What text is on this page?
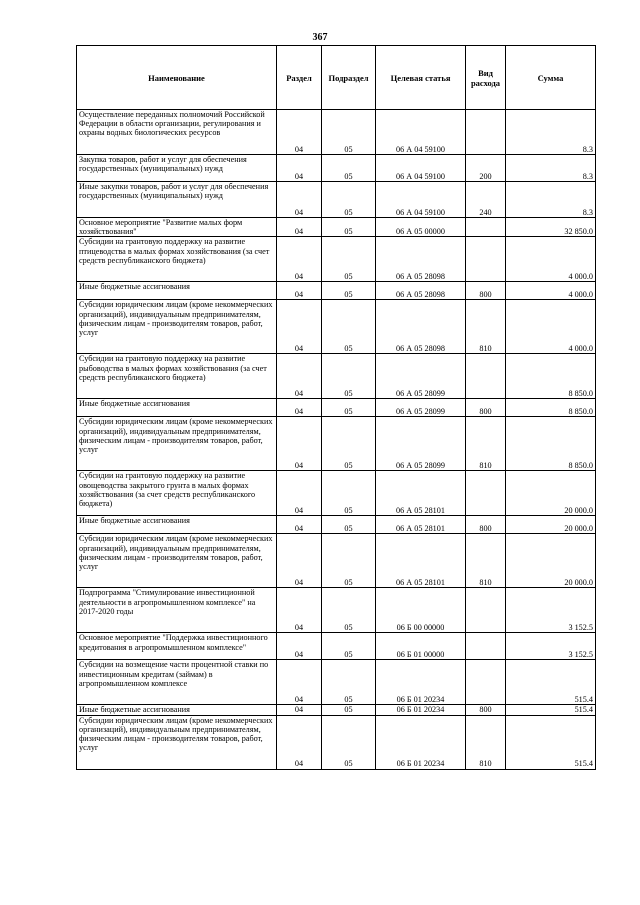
367
Наименование	Раздел	Подраздел	Целевая статья	Вид расхода	Сумма
Осуществление переданных полномочий Российской Федерации в области организации, регулирования и охраны водных биологических ресурсов	04	05	06 А 04 59100		8.3
Закупка товаров, работ и услуг для обеспечения государственных (муниципальных) нужд	04	05	06 А 04 59100	200	8.3
Иные закупки товаров, работ и услуг для обеспечения государственных (муниципальных) нужд	04	05	06 А 04 59100	240	8.3
Основное мероприятие "Развитие малых форм хозяйствования"	04	05	06 А 05 00000		32 850.0
Субсидии на грантовую поддержку на развитие птицеводства в малых формах хозяйствования (за счет средств республиканского бюджета)	04	05	06 А 05 28098		4 000.0
Иные бюджетные ассигнования	04	05	06 А 05 28098	800	4 000.0
Субсидии юридическим лицам (кроме некоммерческих организаций), индивидуальным предпринимателям, физическим лицам - производителям товаров, работ, услуг	04	05	06 А 05 28098	810	4 000.0
Субсидии на грантовую поддержку на развитие рыбоводства в малых формах хозяйствования (за счет средств республиканского бюджета)	04	05	06 А 05 28099		8 850.0
Иные бюджетные ассигнования	04	05	06 А 05 28099	800	8 850.0
Субсидии юридическим лицам (кроме некоммерческих организаций), индивидуальным предпринимателям, физическим лицам - производителям товаров, работ, услуг	04	05	06 А 05 28099	810	8 850.0
Субсидии на грантовую поддержку на развитие овощеводства закрытого грунта в малых формах хозяйствования (за счет средств республиканского бюджета)	04	05	06 А 05 28101		20 000.0
Иные бюджетные ассигнования	04	05	06 А 05 28101	800	20 000.0
Субсидии юридическим лицам (кроме некоммерческих организаций), индивидуальным предпринимателям, физическим лицам - производителям товаров, работ, услуг	04	05	06 А 05 28101	810	20 000.0
Подпрограмма "Стимулирование инвестиционной деятельности в агропромышленном комплексе" на 2017-2020 годы	04	05	06 Б 00 00000		3 152.5
Основное мероприятие "Поддержка инвестиционного кредитования в агропромышленном комплексе"	04	05	06 Б 01 00000		3 152.5
Субсидии на возмещение части процентной ставки по инвестиционным кредитам (займам) в агропромышленном комплексе	04	05	06 Б 01 20234		515.4
Иные бюджетные ассигнования	04	05	06 Б 01 20234	800	515.4
Субсидии юридическим лицам (кроме некоммерческих организаций), индивидуальным предпринимателям, физическим лицам - производителям товаров, работ, услуг	04	05	06 Б 01 20234	810	515.4
